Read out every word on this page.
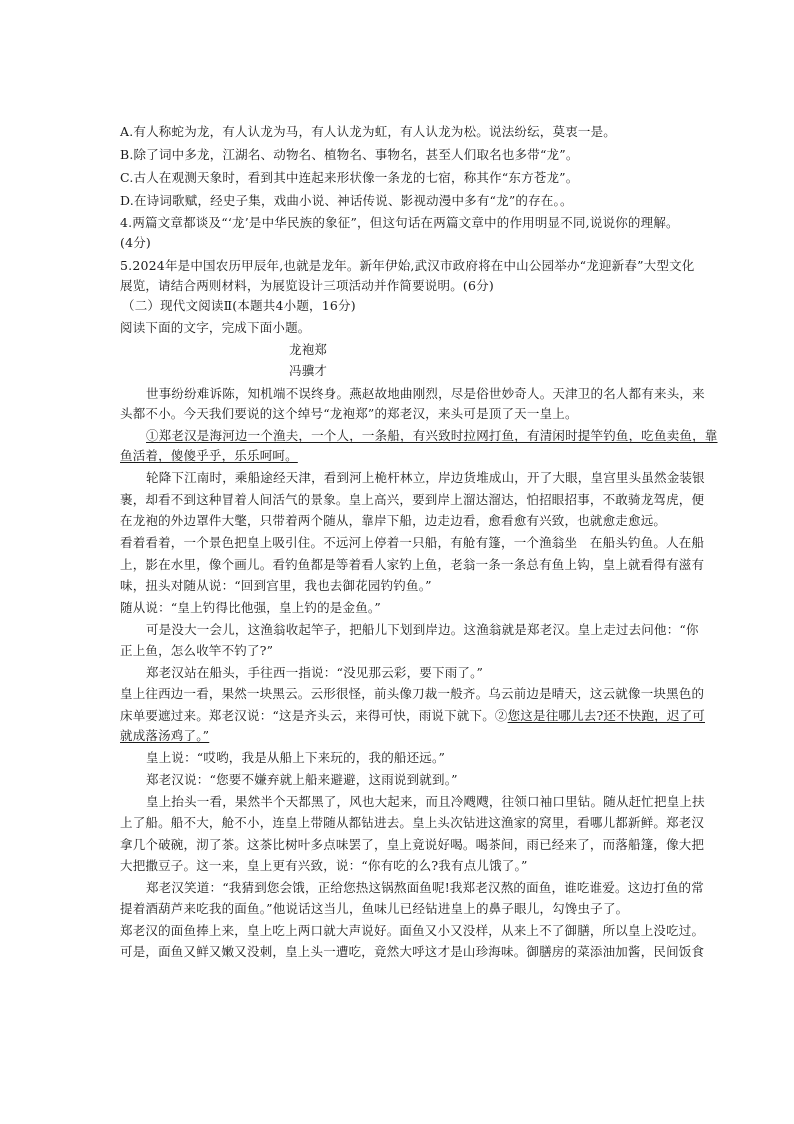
A.有人称蛇为龙，有人认龙为马，有人认龙为虹，有人认龙为松。说法纷纭，莫衷一是。
B.除了词中多龙，江湖名、动物名、植物名、事物名，甚至人们取名也多带“龙”。
C.古人在观测天象时，看到其中连起来形状像一条龙的七宿，称其作“东方苍龙”。
D.在诗词歌赋，经史子集，戏曲小说、神话传说、影视动漫中多有“龙”的存在。。
4.两篇文章都谈及“‘龙’是中华民族的象征”，但这句话在两篇文章中的作用明显不同,说说你的理解。
(4分)
5.2024年是中国农历甲辰年,也就是龙年。新年伊始,武汉市政府将在中山公园举办“龙迎新春”大型文化
展览，请结合两则材料，为展览设计三项活动并作简要说明。(6分)
（二）现代文阅读Ⅱ(本题共4小题，16分)
阅读下面的文字，完成下面小题。
龙袍郑
冯骥才
世事纷纷难诉陈，知机端不误终身。燕赵故地曲刚烈，尽是俗世妙奇人。天津卫的名人都有来头，来
头都不小。今天我们要说的这个绰号“龙袍郑”的郑老汉，来头可是顶了天一皇上。
①郑老汉是海河边一个渔夫，一个人，一条船，有兴致时拉网打鱼，有清闲时提竿钓鱼，吃鱼卖鱼，靠
鱼活着，傻傻乎乎，乐乐呵呵。
轮降下江南时，乘船途经天津，看到河上桅杆林立，岸边货堆成山，开了大眼，皇宫里头虽然金装银
裹，却看不到这种冒着人间活气的景象。皇上高兴，要到岸上溜达溜达，怕招眼招事，不敢骑龙驾虎，便
在龙袍的外边罩件大氅，只带着两个随从，靠岸下船，边走边看，愈看愈有兴致，也就愈走愈远。
看着看着，一个景色把皇上吸引住。不远河上停着一只船，有舱有篷，一个渔翁坐　在船头钓鱼。人在船
上，影在水里，像个画儿。看钓鱼都是等着看人家钓上鱼，老翁一条一条总有鱼上钩，皇上就看得有滋有
味，扭头对随从说：“回到宫里，我也去御花园钓钓鱼。”
随从说：“皇上钓得比他强，皇上钓的是金鱼。”
可是没大一会儿，这渔翁收起竿子，把船儿下划到岸边。这渔翁就是郑老汉。皇上走过去问他：“你
正上鱼，怎么收竿不钓了?”
郑老汉站在船头，手往西一指说：“没见那云彩，要下雨了。”
皇上往西边一看，果然一块黑云。云形很怪，前头像刀裁一般齐。乌云前边是晴天，这云就像一块黑色的
床单要遮过来。郑老汉说：“这是齐头云，来得可快，雨说下就下。②您这是往哪儿去?还不快跑，迟了可
就成落汤鸡了。”
皇上说：“哎哟，我是从船上下来玩的，我的船还远。”
郑老汉说：“您要不嫌弃就上船来避避，这雨说到就到。”
皇上抬头一看，果然半个天都黑了，风也大起来，而且冷飕飕，往领口袖口里钻。随从赶忙把皇上扶
上了船。船不大，舱不小，连皇上带随从都钻进去。皇上头次钻进这渔家的窝里，看哪儿都新鲜。郑老汉
拿几个破碗，沏了茶。这茶比树叶多点味罢了，皇上竟说好喝。喝茶间，雨已经来了，而落船篷，像大把
大把撒豆子。这一来，皇上更有兴致，说：“你有吃的么?我有点儿饿了。”
郑老汉笑道：“我猜到您会饿，正给您热这锅熬面鱼呢!我郑老汉熬的面鱼，谁吃谁爱。这边打鱼的常
提着酒葫芦来吃我的面鱼。”他说话这当儿，鱼味儿已经钻进皇上的鼻子眼儿，勾馋虫子了。
郑老汉的面鱼捧上来，皇上吃上两口就大声说好。面鱼又小又没样，从来上不了御膳，所以皇上没吃过。
可是，面鱼又鲜又嫩又没刺，皇上头一遭吃，竟然大呼这才是山珍海味。御膳房的菜添油加酱，民间饭食
